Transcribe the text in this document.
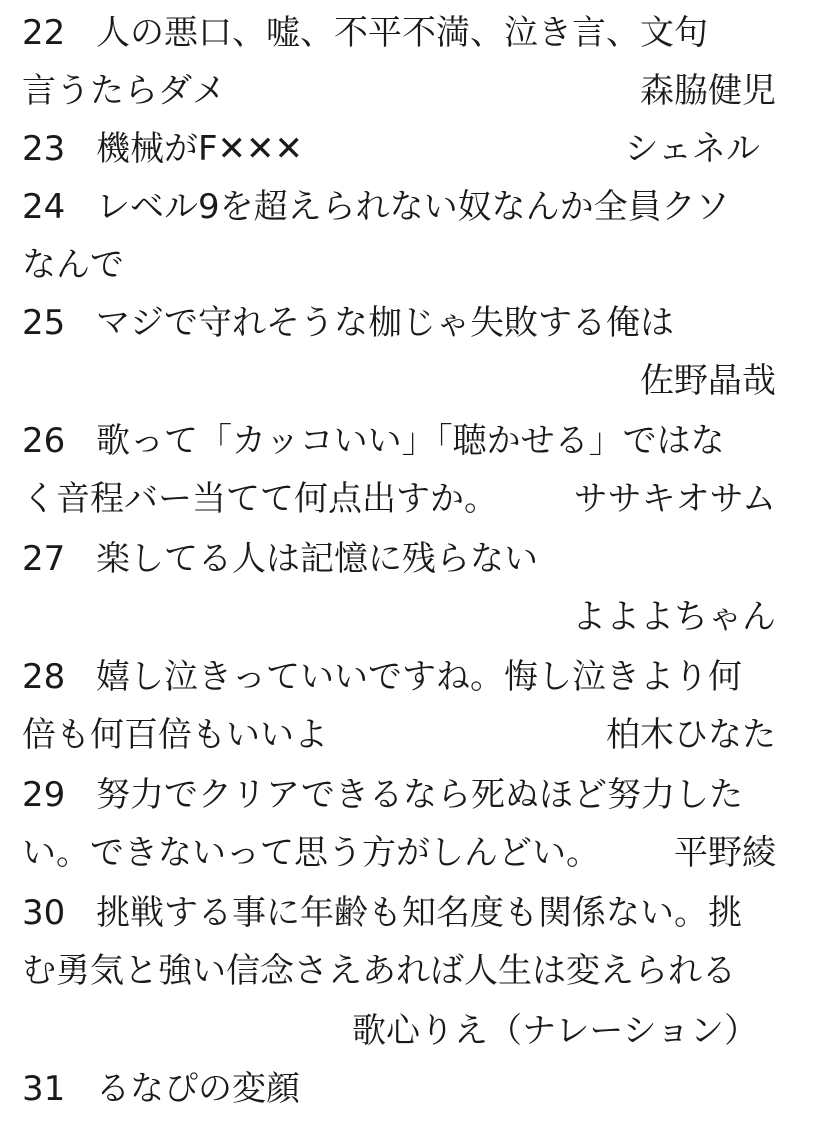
22 人の悪口、嘘、不平不満、泣き言、文句
言うたらダメ	森脇健児
23 機械がF✕✕✕	シェネル
24 レベル9を超えられない奴なんか全員クソ
なんで
25 マジで守れそうな枷じゃ失敗する俺は
佐野晶哉
26 歌って「カッコいい」「聴かせる」ではな
く音程バー当てて何点出すか。 ササキオサム
27 楽してる人は記憶に残らない
よよよちゃん
28 嬉し泣きっていいですね。悔し泣きより何
倍も何百倍もいいよ	柏木ひなた
29 努力でクリアできるなら死ぬほど努力した
い。できないって思う方がしんどい。 平野綾
30 挑戦する事に年齢も知名度も関係ない。挑
む勇気と強い信念さえあれば人生は変えられる
歌心りえ（ナレーション）
31 るなぴの変顔
